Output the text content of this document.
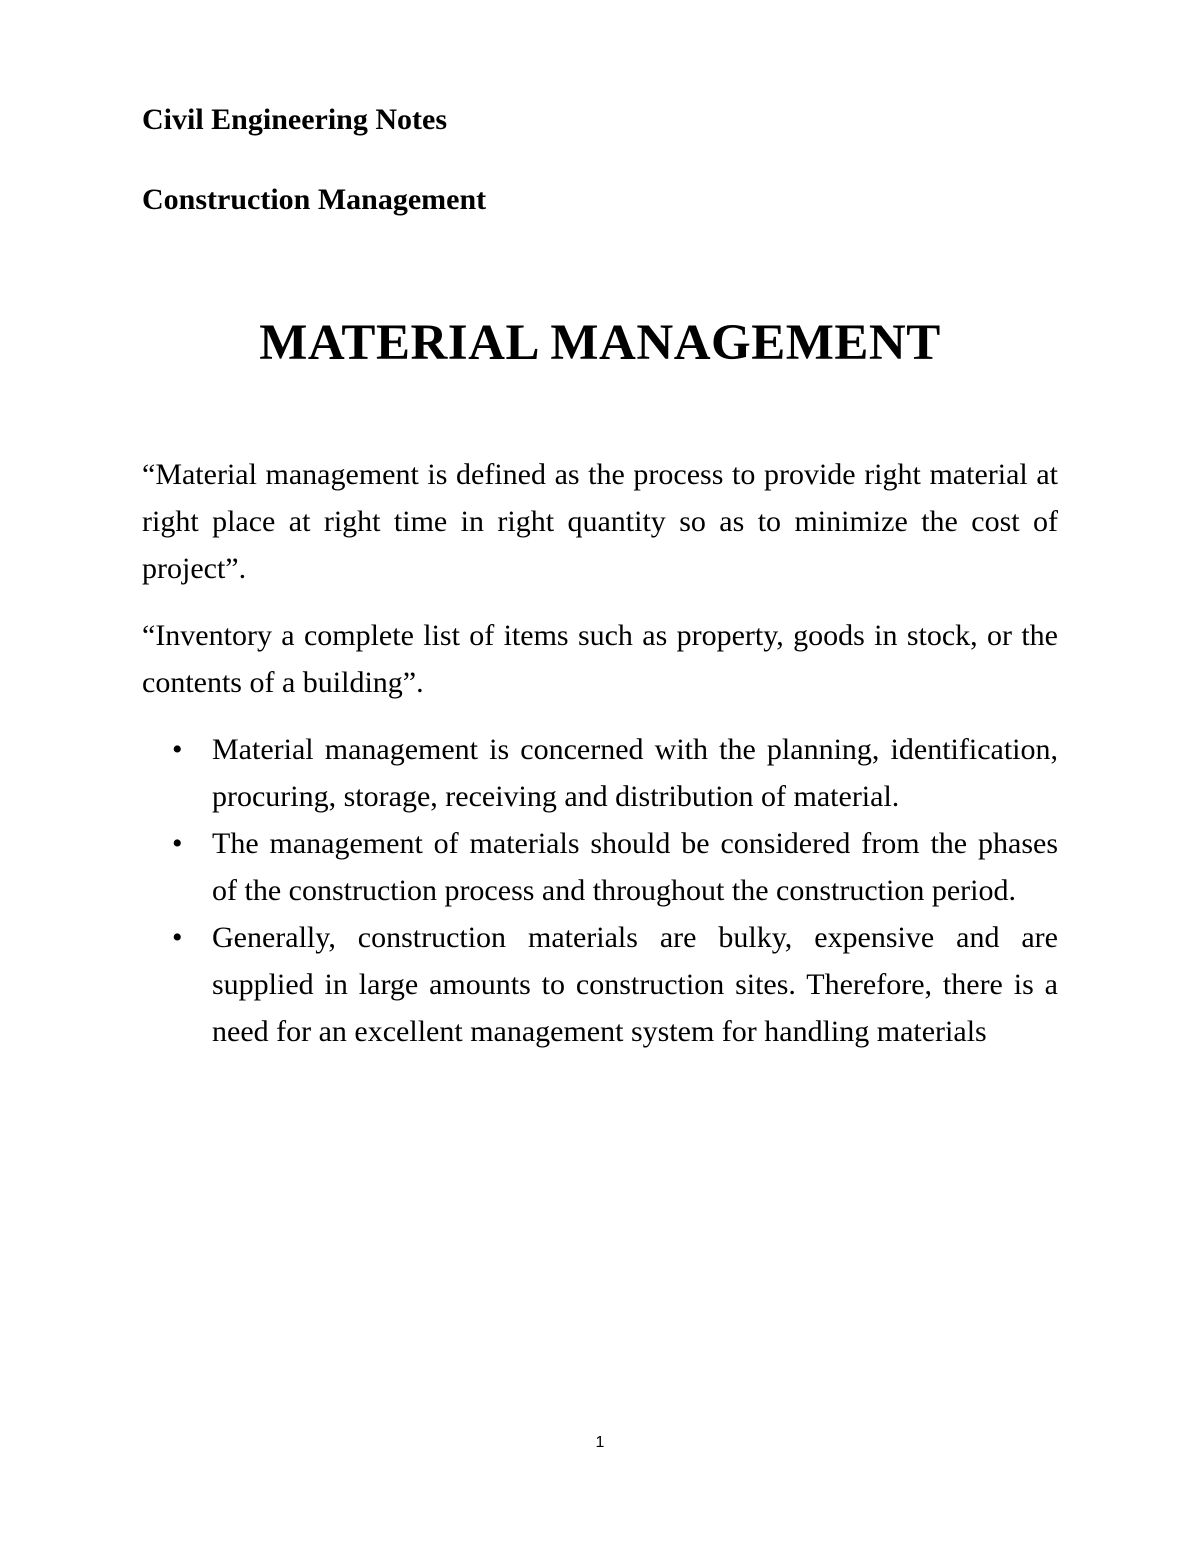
Civil Engineering Notes

Construction Management

MATERIAL MANAGEMENT

“Material management is defined as the process to provide right material at right place at right time in right quantity so as to minimize the cost of project”.

“Inventory a complete list of items such as property, goods in stock, or the contents of a building”.

• Material management is concerned with the planning, identification, procuring, storage, receiving and distribution of material.
• The management of materials should be considered from the phases of the construction process and throughout the construction period.
• Generally, construction materials are bulky, expensive and are supplied in large amounts to construction sites. Therefore, there is a need for an excellent management system for handling materials

1
